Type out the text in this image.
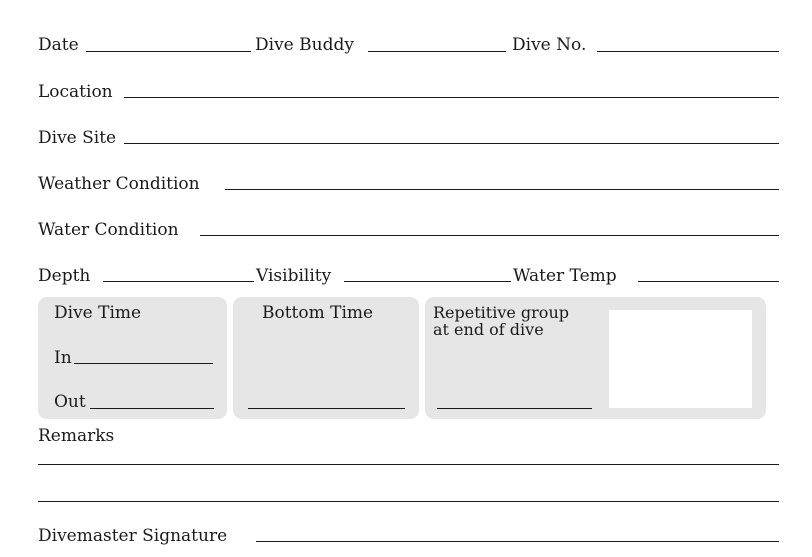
Date	Dive Buddy	Dive No.
Location
Dive Site
Weather Condition
Water Condition
Depth	Visibility	Water Temp
Dive Time
In
Out
Bottom Time	Repetitive group
at end of dive
Remarks
Divemaster Signature
